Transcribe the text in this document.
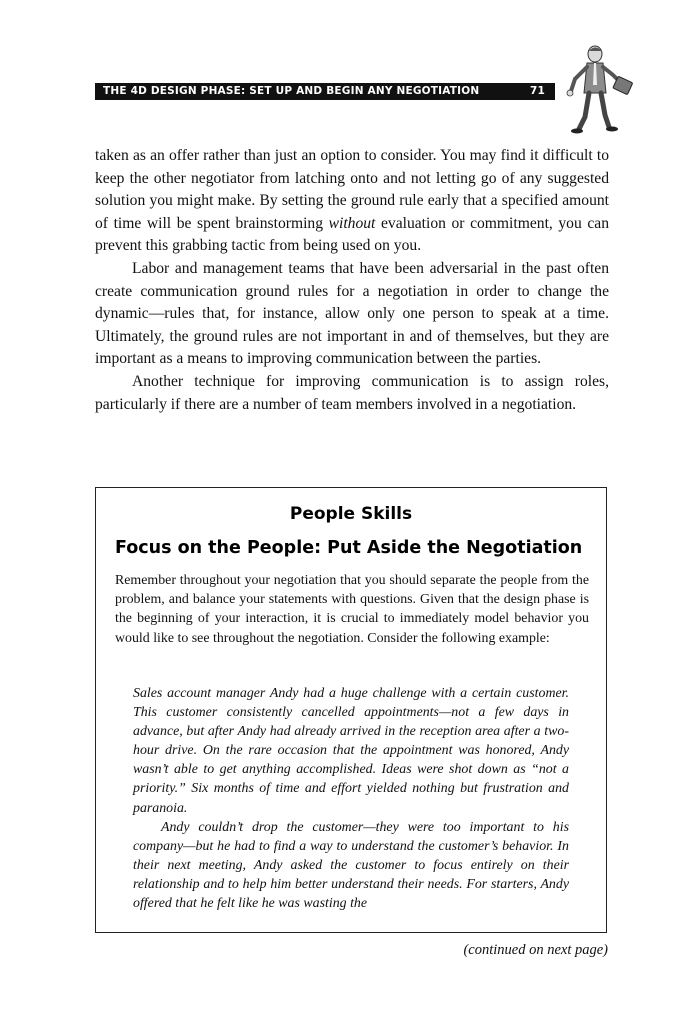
THE 4D DESIGN PHASE: SET UP AND BEGIN ANY NEGOTIATION	71

taken as an offer rather than just an option to consider. You may find it difficult to keep the other negotiator from latching onto and not letting go of any suggested solution you might make. By setting the ground rule early that a specified amount of time will be spent brainstorming without evaluation or commitment, you can prevent this grabbing tactic from being used on you.

Labor and management teams that have been adversarial in the past often create communication ground rules for a negotiation in order to change the dynamic—rules that, for instance, allow only one person to speak at a time. Ultimately, the ground rules are not important in and of themselves, but they are important as a means to improving communication between the parties.

Another technique for improving communication is to assign roles, particularly if there are a number of team members involved in a negotiation.

People Skills
Focus on the People: Put Aside the Negotiation
Remember throughout your negotiation that you should separate the people from the problem, and balance your statements with questions. Given that the design phase is the beginning of your interaction, it is crucial to immediately model behavior you would like to see throughout the negotiation. Consider the following example:

Sales account manager Andy had a huge challenge with a certain customer. This customer consistently cancelled appointments—not a few days in advance, but after Andy had already arrived in the reception area after a two-hour drive. On the rare occasion that the appointment was honored, Andy wasn’t able to get anything accomplished. Ideas were shot down as “not a priority.” Six months of time and effort yielded nothing but frustration and paranoia.

Andy couldn’t drop the customer—they were too important to his company—but he had to find a way to understand the customer’s behavior. In their next meeting, Andy asked the customer to focus entirely on their relationship and to help him better understand their needs. For starters, Andy offered that he felt like he was wasting the

(continued on next page)
